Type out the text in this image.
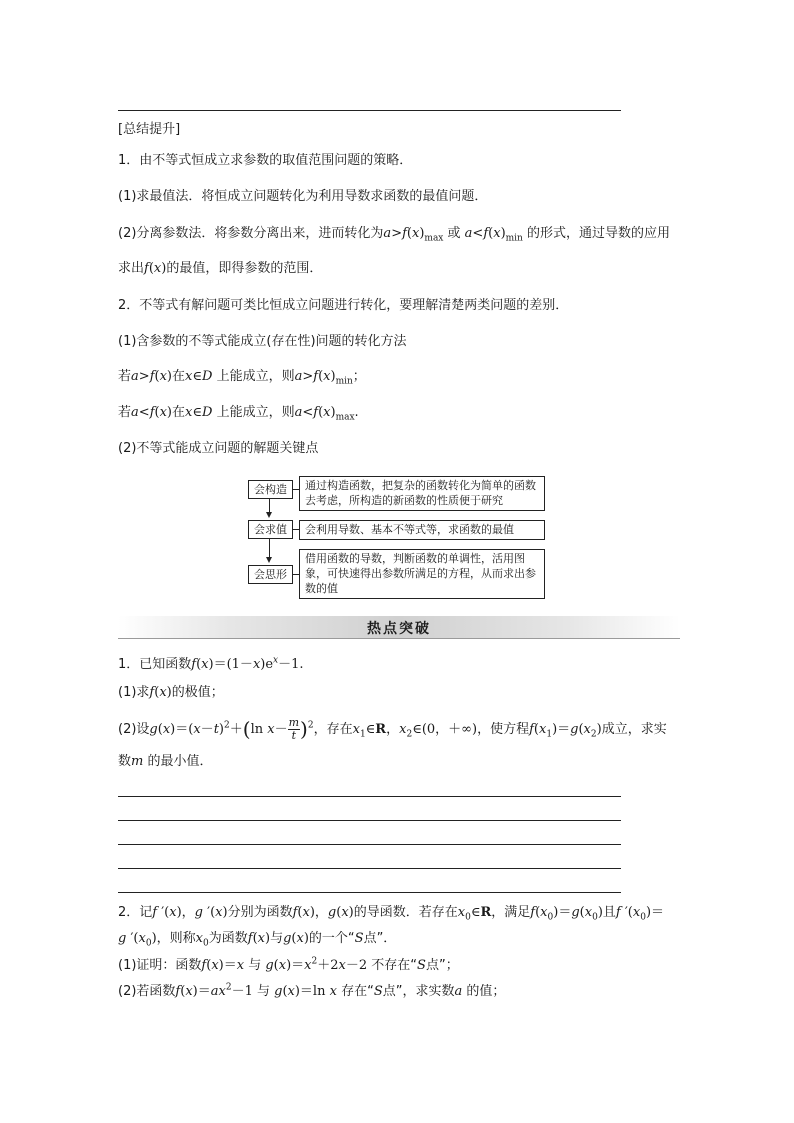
[总结提升]
1．由不等式恒成立求参数的取值范围问题的策略．
(1)求最值法．将恒成立问题转化为利用导数求函数的最值问题．
(2)分离参数法．将参数分离出来，进而转化为$a>f(x)_{max}$ 或 $a<f(x)_{min}$ 的形式，通过导数的应用
求出f(x)的最值，即得参数的范围．
2．不等式有解问题可类比恒成立问题进行转化，要理解清楚两类问题的差别．
(1)含参数的不等式能成立(存在性)问题的转化方法
若a>f(x)在x∈D 上能成立，则$a>f(x)_{min}$；
若a<f(x)在x∈D 上能成立，则$a<f(x)_{max}$.
(2)不等式能成立问题的解题关键点
会构造	通过构造函数，把复杂的函数转化为简单的函数去考虑，所构造的新函数的性质便于研究
会求值	会利用导数、基本不等式等，求函数的最值
会思形
借用函数的导数，判断函数的单调性，活用图象，可快速得出参数所满足的方程，从而求出参数的值
热点突破
1．已知函数$f(x)=(1-x)e^x-1$.
(1)求f(x)的极值；
(2)设$g(x)=(x-t)^2+(\ln$ $x- \frac{m}{t} )^2$，存在$x_1\in R$，$x_2\in(0$，＋∞)，使方程$f(x_1)=g(x_2)$成立，求实
数m 的最小值．
2．记f ′(x)，g ′(x)分别为函数f(x)，g(x)的导函数．若存在$x_0\in R$，满足$f(x_0)=g(x_0)$且f $'(x_0)=$
g $'(x_0)$，则称$x_0$为函数f(x)与g(x)的一个“S点”．
(1)证明：函数f(x)＝x 与 $g(x)=x^2+2x-2$ 不存在“S点”；
(2)若函数$f(x)=ax^2-1$ 与 g(x)＝ln x 存在“S点”，求实数a 的值；
